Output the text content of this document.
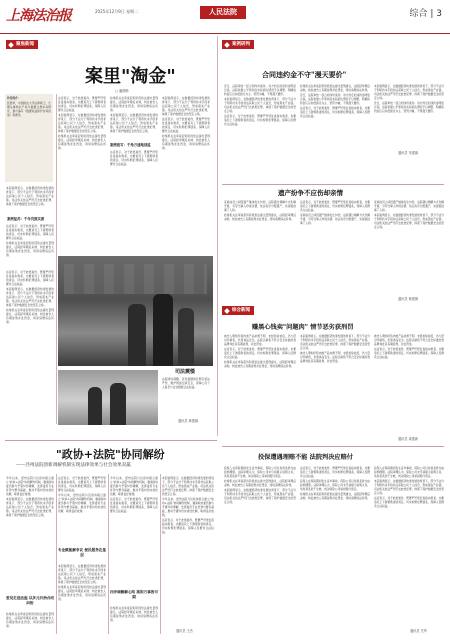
上海法治报	2025年12月9日 星期二	人民法院	综合 | 3
聚焦新闻
案里"淘金"
□ 潘德韩

作者简介：

张德华，中国政法大学法律硕士，长期从事知识产权与数据合规实务研究，参与编写《数据权益保护实务指南》等著作。

本起案例显示，在数据经济快速发展的背景下，部分不法分子利用技术手段非法获取公民个人信息，形成黑灰产业链。司法机关依法严厉打击此类犯罪，体现了保护数据安全的坚定立场。

案例复苏：千年究鼓实质

法官表示，对于此类案件，既要严厉惩处直接实施者，也要追究上下游帮助者的责任，切实斩断犯罪链条，保障人民群众合法权益。

检察机关在审查起诉阶段依法提出量刑建议，法院经审理后采纳，判处被告人有期徒刑并处罚金，同时追缴违法所得。

法官表示，对于此类案件，既要严厉惩处直接实施者，也要追究上下游帮助者的责任，切实斩断犯罪链条，保障人民群众合法权益。

本起案例显示，在数据经济快速发展的背景下，部分不法分子利用技术手段非法获取公民个人信息，形成黑灰产业链。司法机关依法严厉打击此类犯罪，体现了保护数据安全的坚定立场。

检察机关在审查起诉阶段依法提出量刑建议，法院经审理后采纳，判处被告人有期徒刑并处罚金，同时追缴违法所得。

检察机关在审查起诉阶段依法提出量刑建议，法院经审理后采纳，判处被告人有期徒刑并处罚金，同时追缴违法所得。

本起案例显示，在数据经济快速发展的背景下，部分不法分子利用技术手段非法获取公民个人信息，形成黑灰产业链。司法机关依法严厉打击此类犯罪，体现了保护数据安全的坚定立场。

案例延写：千角万速地别监

法官表示，对于此类案件，既要严厉惩处直接实施者，也要追究上下游帮助者的责任，切实斩断犯罪链条，保障人民群众合法权益。

本起案例显示，在数据经济快速发展的背景下，部分不法分子利用技术手段非法获取公民个人信息，形成黑灰产业链。司法机关依法严厉打击此类犯罪，体现了保护数据安全的坚定立场。

法官表示，对于此类案件，既要严厉惩处直接实施者，也要追究上下游帮助者的责任，切实斩断犯罪链条，保障人民群众合法权益。

检察机关在审查起诉阶段依法提出量刑建议，法院经审理后采纳，判处被告人有期徒刑并处罚金，同时追缴违法所得。

法官表示，对于此类案件，既要严厉惩处直接实施者，也要追究上下游帮助者的责任，切实斩断犯罪链条，保障人民群众合法权益。

本起案例显示，在数据经济快速发展的背景下，部分不法分子利用技术手段非法获取公民个人信息，形成黑灰产业链。司法机关依法严厉打击此类犯罪，体现了保护数据安全的坚定立场。

检察机关在审查起诉阶段依法提出量刑建议，法院经审理后采纳，判处被告人有期徒刑并处罚金，同时追缴违法所得。

司法震慑

法院同时提醒，涉及数据的犯罪应依法严惩，维护网络空间安全，保障公民个人信息与企业数据合法权益。

通讯员 林建雄
案例研判
合同违约金不守"漫天要价"

近日，法院审结一起合同纠纷案件。双方约定的违约金明显过高，法院依据公平原则及实际损失情况予以调整，明确违约金应以补偿损失为主、惩罚为辅，不得漫天要价。

本起案例显示，在数据经济快速发展的背景下，部分不法分子利用技术手段非法获取公民个人信息，形成黑灰产业链。司法机关依法严厉打击此类犯罪，体现了保护数据安全的坚定立场。

法官表示，对于此类案件，既要严厉惩处直接实施者，也要追究上下游帮助者的责任，切实斩断犯罪链条，保障人民群众合法权益。

检察机关在审查起诉阶段依法提出量刑建议，法院经审理后采纳，判处被告人有期徒刑并处罚金，同时追缴违法所得。

近日，法院审结一起合同纠纷案件。双方约定的违约金明显过高，法院依据公平原则及实际损失情况予以调整，明确违约金应以补偿损失为主、惩罚为辅，不得漫天要价。

法官表示，对于此类案件，既要严厉惩处直接实施者，也要追究上下游帮助者的责任，切实斩断犯罪链条，保障人民群众合法权益。

本起案例显示，在数据经济快速发展的背景下，部分不法分子利用技术手段非法获取公民个人信息，形成黑灰产业链。司法机关依法严厉打击此类犯罪，体现了保护数据安全的坚定立场。

近日，法院审结一起合同纠纷案件。双方约定的违约金明显过高，法院依据公平原则及实际损失情况予以调整，明确违约金应以补偿损失为主、惩罚为辅，不得漫天要价。

通讯员 朱建雄
遗产纷争不应伤却亲情

家庭成员之间因遗产继承发生纠纷，法院通过调解方式化解矛盾，引导当事人珍视亲情，依法有序分配遗产，实现案结事了人和。

检察机关在审查起诉阶段依法提出量刑建议，法院经审理后采纳，判处被告人有期徒刑并处罚金，同时追缴违法所得。

法官表示，对于此类案件，既要严厉惩处直接实施者，也要追究上下游帮助者的责任，切实斩断犯罪链条，保障人民群众合法权益。

家庭成员之间因遗产继承发生纠纷，法院通过调解方式化解矛盾，引导当事人珍视亲情，依法有序分配遗产，实现案结事了人和。

家庭成员之间因遗产继承发生纠纷，法院通过调解方式化解矛盾，引导当事人珍视亲情，依法有序分配遗产，实现案结事了人和。

本起案例显示，在数据经济快速发展的背景下，部分不法分子利用技术手段非法获取公民个人信息，形成黑灰产业链。司法机关依法严厉打击此类犯罪，体现了保护数据安全的坚定立场。

通讯员 林建雄
综合新闻
赚黑心钱卖"问题肉" 情节恶劣获刑罚

被告人明知所售肉类产品来源不明、未经检验检疫，仍大量对外销售，危害食品安全。法院以销售不符合安全标准的食品罪判处其有期徒刑，并处罚金。

法官表示，对于此类案件，既要严厉惩处直接实施者，也要追究上下游帮助者的责任，切实斩断犯罪链条，保障人民群众合法权益。

检察机关在审查起诉阶段依法提出量刑建议，法院经审理后采纳，判处被告人有期徒刑并处罚金，同时追缴违法所得。

本起案例显示，在数据经济快速发展的背景下，部分不法分子利用技术手段非法获取公民个人信息，形成黑灰产业链。司法机关依法严厉打击此类犯罪，体现了保护数据安全的坚定立场。

被告人明知所售肉类产品来源不明、未经检验检疫，仍大量对外销售，危害食品安全。法院以销售不符合安全标准的食品罪判处其有期徒刑，并处罚金。

被告人明知所售肉类产品来源不明、未经检验检疫，仍大量对外销售，危害食品安全。法院以销售不符合安全标准的食品罪判处其有期徒刑，并处罚金。

法官表示，对于此类案件，既要严厉惩处直接实施者，也要追究上下游帮助者的责任，切实斩断犯罪链条，保障人民群众合法权益。

通讯员 姜建新
投保遭遇理赔不能 法院判决应赔付

投保人在保险期间发生意外事故，保险公司以免责条款为由拒绝理赔。法院审理认为，保险公司未尽到提示说明义务，该免责条款不生效，判决保险公司承担赔付责任。

检察机关在审查起诉阶段依法提出量刑建议，法院经审理后采纳，判处被告人有期徒刑并处罚金，同时追缴违法所得。

本起案例显示，在数据经济快速发展的背景下，部分不法分子利用技术手段非法获取公民个人信息，形成黑灰产业链。司法机关依法严厉打击此类犯罪，体现了保护数据安全的坚定立场。

法官表示，对于此类案件，既要严厉惩处直接实施者，也要追究上下游帮助者的责任，切实斩断犯罪链条，保障人民群众合法权益。

投保人在保险期间发生意外事故，保险公司以免责条款为由拒绝理赔。法院审理认为，保险公司未尽到提示说明义务，该免责条款不生效，判决保险公司承担赔付责任。

检察机关在审查起诉阶段依法提出量刑建议，法院经审理后采纳，判处被告人有期徒刑并处罚金，同时追缴违法所得。

投保人在保险期间发生意外事故，保险公司以免责条款为由拒绝理赔。法院审理认为，保险公司未尽到提示说明义务，该免责条款不生效，判决保险公司承担赔付责任。

本起案例显示，在数据经济快速发展的背景下，部分不法分子利用技术手段非法获取公民个人信息，形成黑灰产业链。司法机关依法严厉打击此类犯罪，体现了保护数据安全的坚定立场。

法官表示，对于此类案件，既要严厉惩处直接实施者，也要追究上下游帮助者的责任，切实斩断犯罪链条，保障人民群众合法权益。

通讯员 关军
"政协+法院"协同解纷
——泾州法院创新调解机制实现法律效果与社会效果双赢

今年以来，泾州法院与区政协联合建立"政协+法院"协同解纷机制，邀请政协委员参与矛盾纠纷调解，发挥委员专业优势与群众基础，推动矛盾纠纷实质性化解，取得良好成效。

本起案例显示，在数据经济快速发展的背景下，部分不法分子利用技术手段非法获取公民个人信息，形成黑灰产业链。司法机关依法严厉打击此类犯罪，体现了保护数据安全的坚定立场。

委员走进法庭 以多元共治合同纠纷

检察机关在审查起诉阶段依法提出量刑建议，法院经审理后采纳，判处被告人有期徒刑并处罚金，同时追缴违法所得。

法官表示，对于此类案件，既要严厉惩处直接实施者，也要追究上下游帮助者的责任，切实斩断犯罪链条，保障人民群众合法权益。

今年以来，泾州法院与区政协联合建立"政协+法院"协同解纷机制，邀请政协委员参与矛盾纠纷调解，发挥委员专业优势与群众基础，推动矛盾纠纷实质性化解，取得良好成效。

专业赋能解争议 便民服务在基层

本起案例显示，在数据经济快速发展的背景下，部分不法分子利用技术手段非法获取公民个人信息，形成黑灰产业链。司法机关依法严厉打击此类犯罪，体现了保护数据安全的坚定立场。

检察机关在审查起诉阶段依法提出量刑建议，法院经审理后采纳，判处被告人有期徒刑并处罚金，同时追缴违法所得。

今年以来，泾州法院与区政协联合建立"政协+法院"协同解纷机制，邀请政协委员参与矛盾纠纷调解，发挥委员专业优势与群众基础，推动矛盾纠纷实质性化解，取得良好成效。

法官表示，对于此类案件，既要严厉惩处直接实施者，也要追究上下游帮助者的责任，切实斩断犯罪链条，保障人民群众合法权益。

四步调解解心结 案和万事皆可期

检察机关在审查起诉阶段依法提出量刑建议，法院经审理后采纳，判处被告人有期徒刑并处罚金，同时追缴违法所得。

本起案例显示，在数据经济快速发展的背景下，部分不法分子利用技术手段非法获取公民个人信息，形成黑灰产业链。司法机关依法严厉打击此类犯罪，体现了保护数据安全的坚定立场。

今年以来，泾州法院与区政协联合建立"政协+法院"协同解纷机制，邀请政协委员参与矛盾纠纷调解，发挥委员专业优势与群众基础，推动矛盾纠纷实质性化解，取得良好成效。

法官表示，对于此类案件，既要严厉惩处直接实施者，也要追究上下游帮助者的责任，切实斩断犯罪链条，保障人民群众合法权益。

通讯员 王杰
